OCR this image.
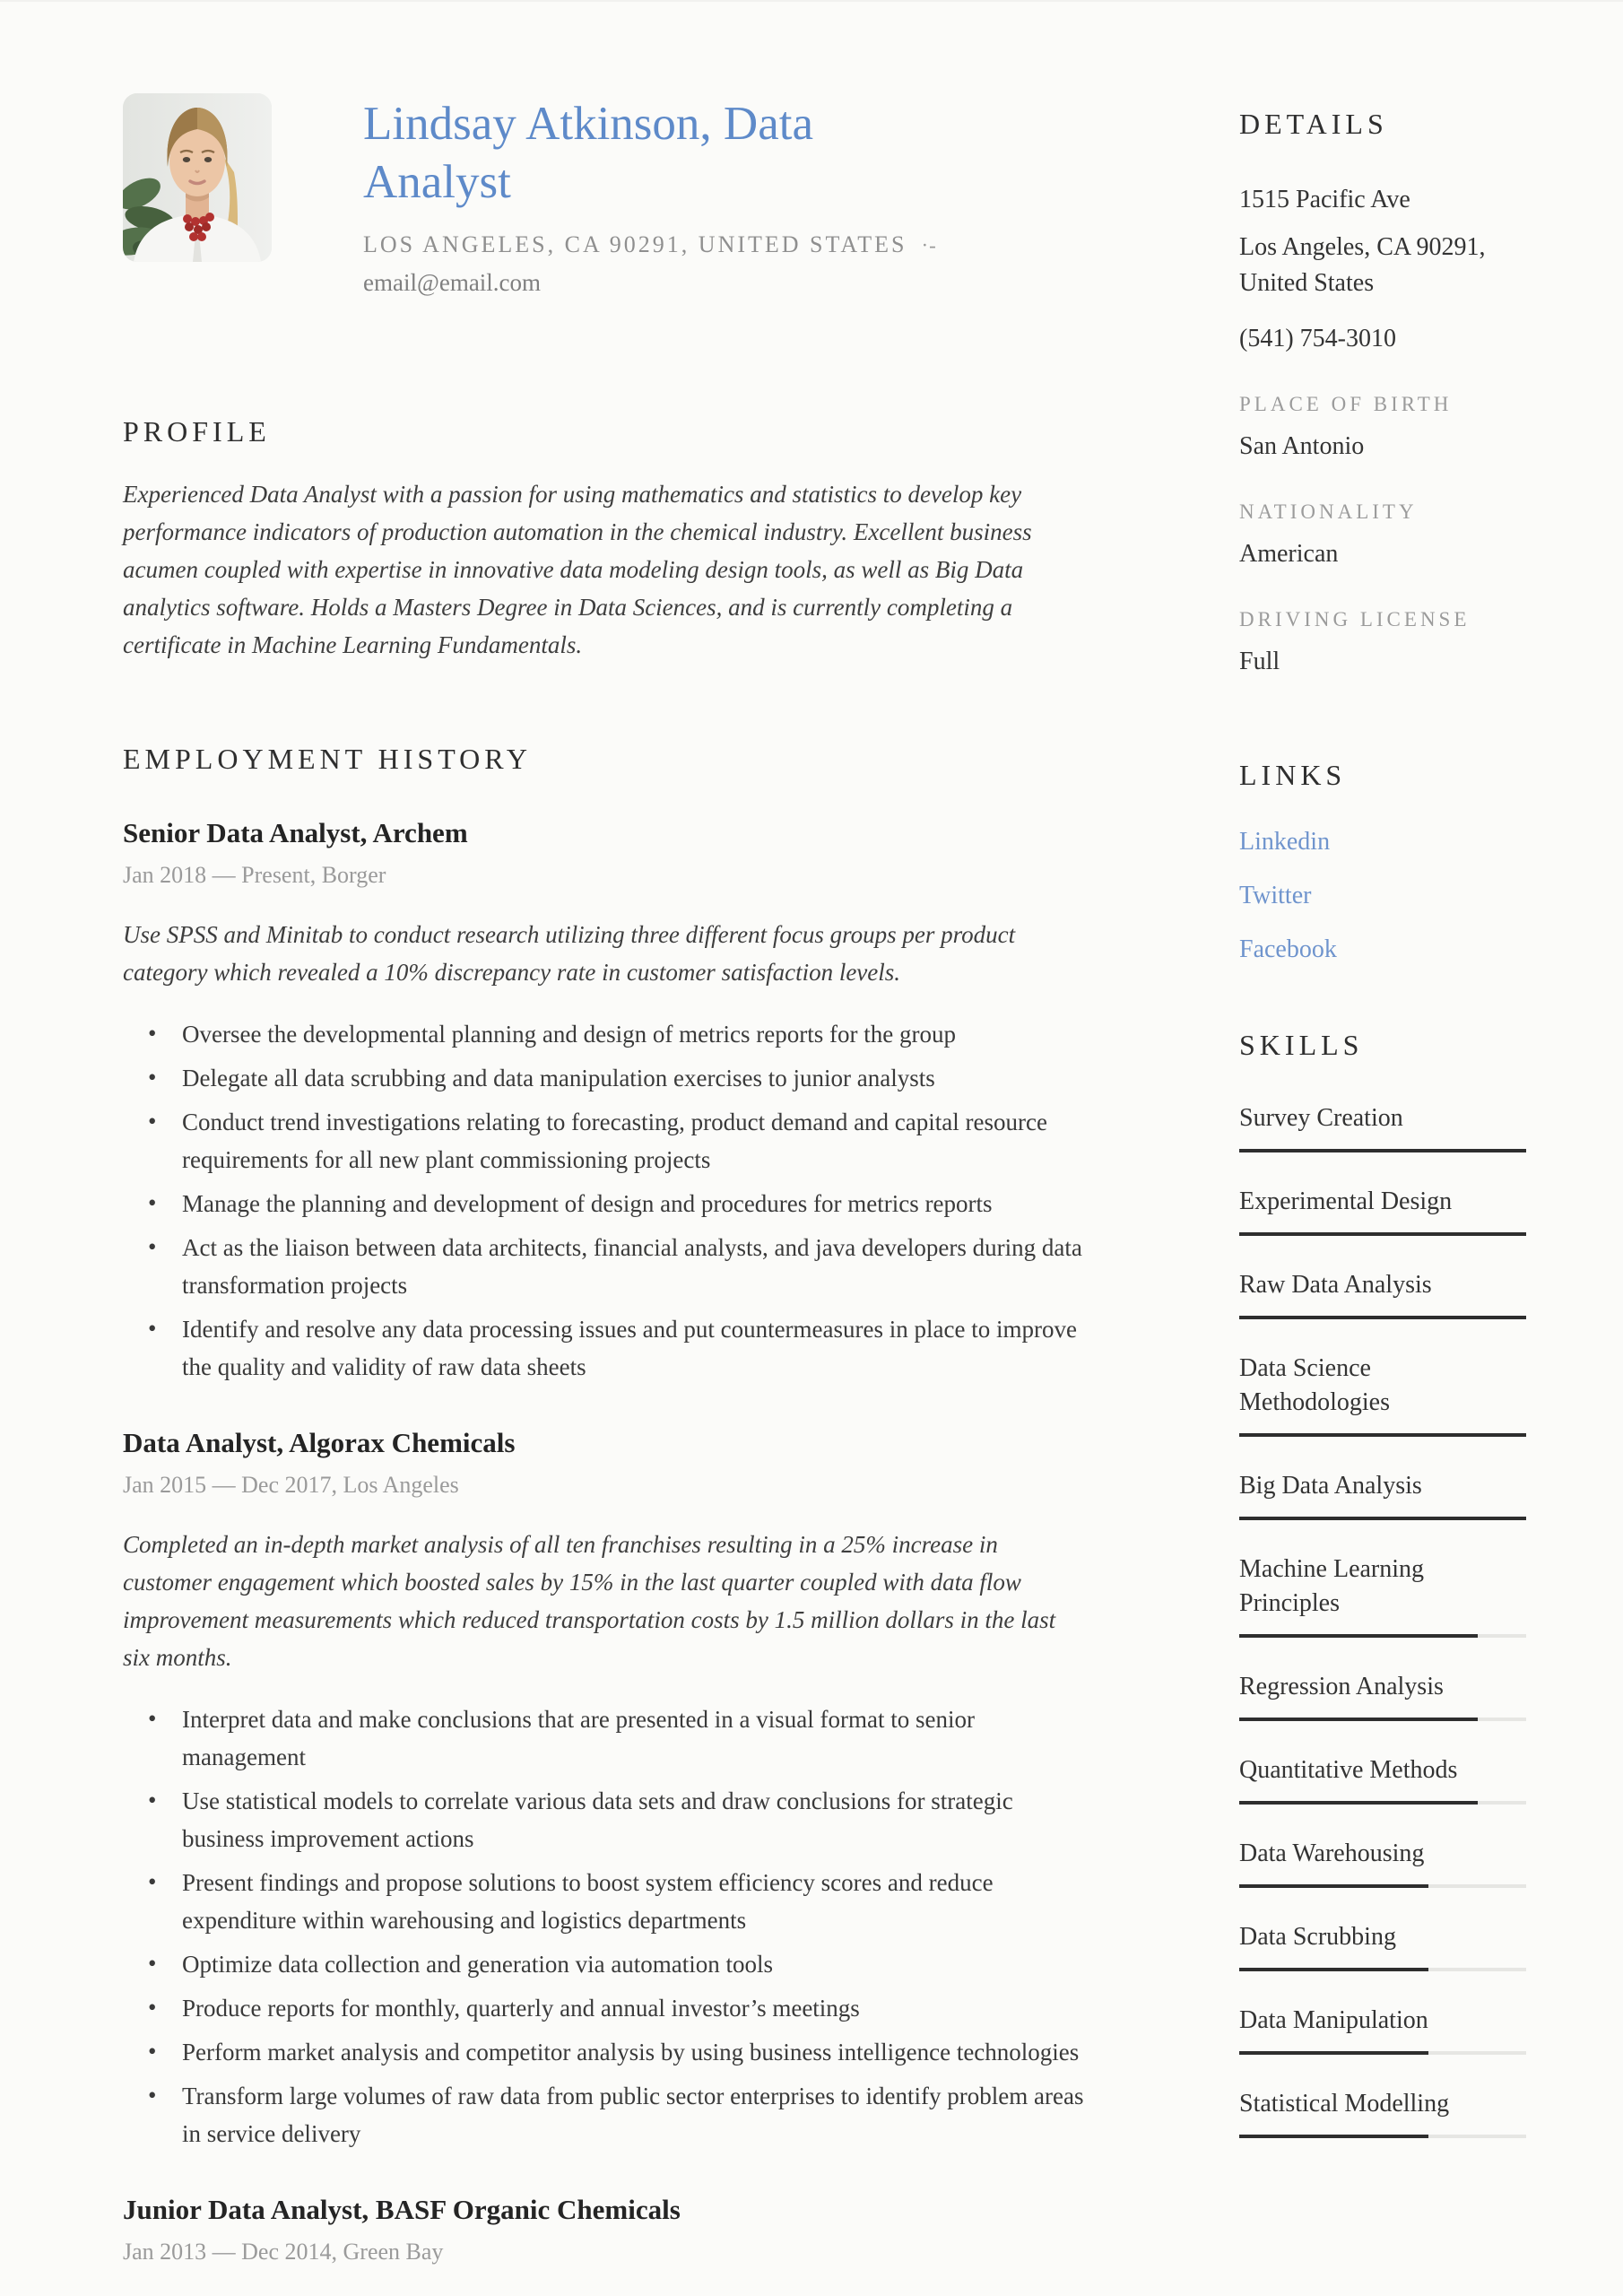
Lindsay Atkinson, Data Analyst
LOS ANGELES, CA 90291, UNITED STATES ·-
email@email.com
PROFILE

Experienced Data Analyst with a passion for using mathematics and statistics to develop key performance indicators of production automation in the chemical industry. Excellent business acumen coupled with expertise in innovative data modeling design tools, as well as Big Data analytics software. Holds a Masters Degree in Data Sciences, and is currently completing a certificate in Machine Learning Fundamentals.

EMPLOYMENT HISTORY
Senior Data Analyst, Archem
Jan 2018 — Present, Borger

Use SPSS and Minitab to conduct research utilizing three different focus groups per product category which revealed a 10% discrepancy rate in customer satisfaction levels.

• Oversee the developmental planning and design of metrics reports for the group
• Delegate all data scrubbing and data manipulation exercises to junior analysts
• Conduct trend investigations relating to forecasting, product demand and capital resource requirements for all new plant commissioning projects
• Manage the planning and development of design and procedures for metrics reports
• Act as the liaison between data architects, financial analysts, and java developers during data transformation projects
• Identify and resolve any data processing issues and put countermeasures in place to improve the quality and validity of raw data sheets
Data Analyst, Algorax Chemicals
Jan 2015 — Dec 2017, Los Angeles

Completed an in-depth market analysis of all ten franchises resulting in a 25% increase in customer engagement which boosted sales by 15% in the last quarter coupled with data flow improvement measurements which reduced transportation costs by 1.5 million dollars in the last six months.

• Interpret data and make conclusions that are presented in a visual format to senior management
• Use statistical models to correlate various data sets and draw conclusions for strategic business improvement actions
• Present findings and propose solutions to boost system efficiency scores and reduce expenditure within warehousing and logistics departments
• Optimize data collection and generation via automation tools
• Produce reports for monthly, quarterly and annual investor’s meetings
• Perform market analysis and competitor analysis by using business intelligence technologies
• Transform large volumes of raw data from public sector enterprises to identify problem areas in service delivery
Junior Data Analyst, BASF Organic Chemicals
Jan 2013 — Dec 2014, Green Bay
DETAILS
1515 Pacific Ave
Los Angeles, CA 90291, United States
(541) 754-3010
PLACE OF BIRTH
San Antonio
NATIONALITY
American
DRIVING LICENSE
Full
LINKS
Linkedin
Twitter
Facebook
SKILLS
Survey Creation
Experimental Design
Raw Data Analysis
Data Science Methodologies
Big Data Analysis
Machine Learning Principles
Regression Analysis
Quantitative Methods
Data Warehousing
Data Scrubbing
Data Manipulation
Statistical Modelling
